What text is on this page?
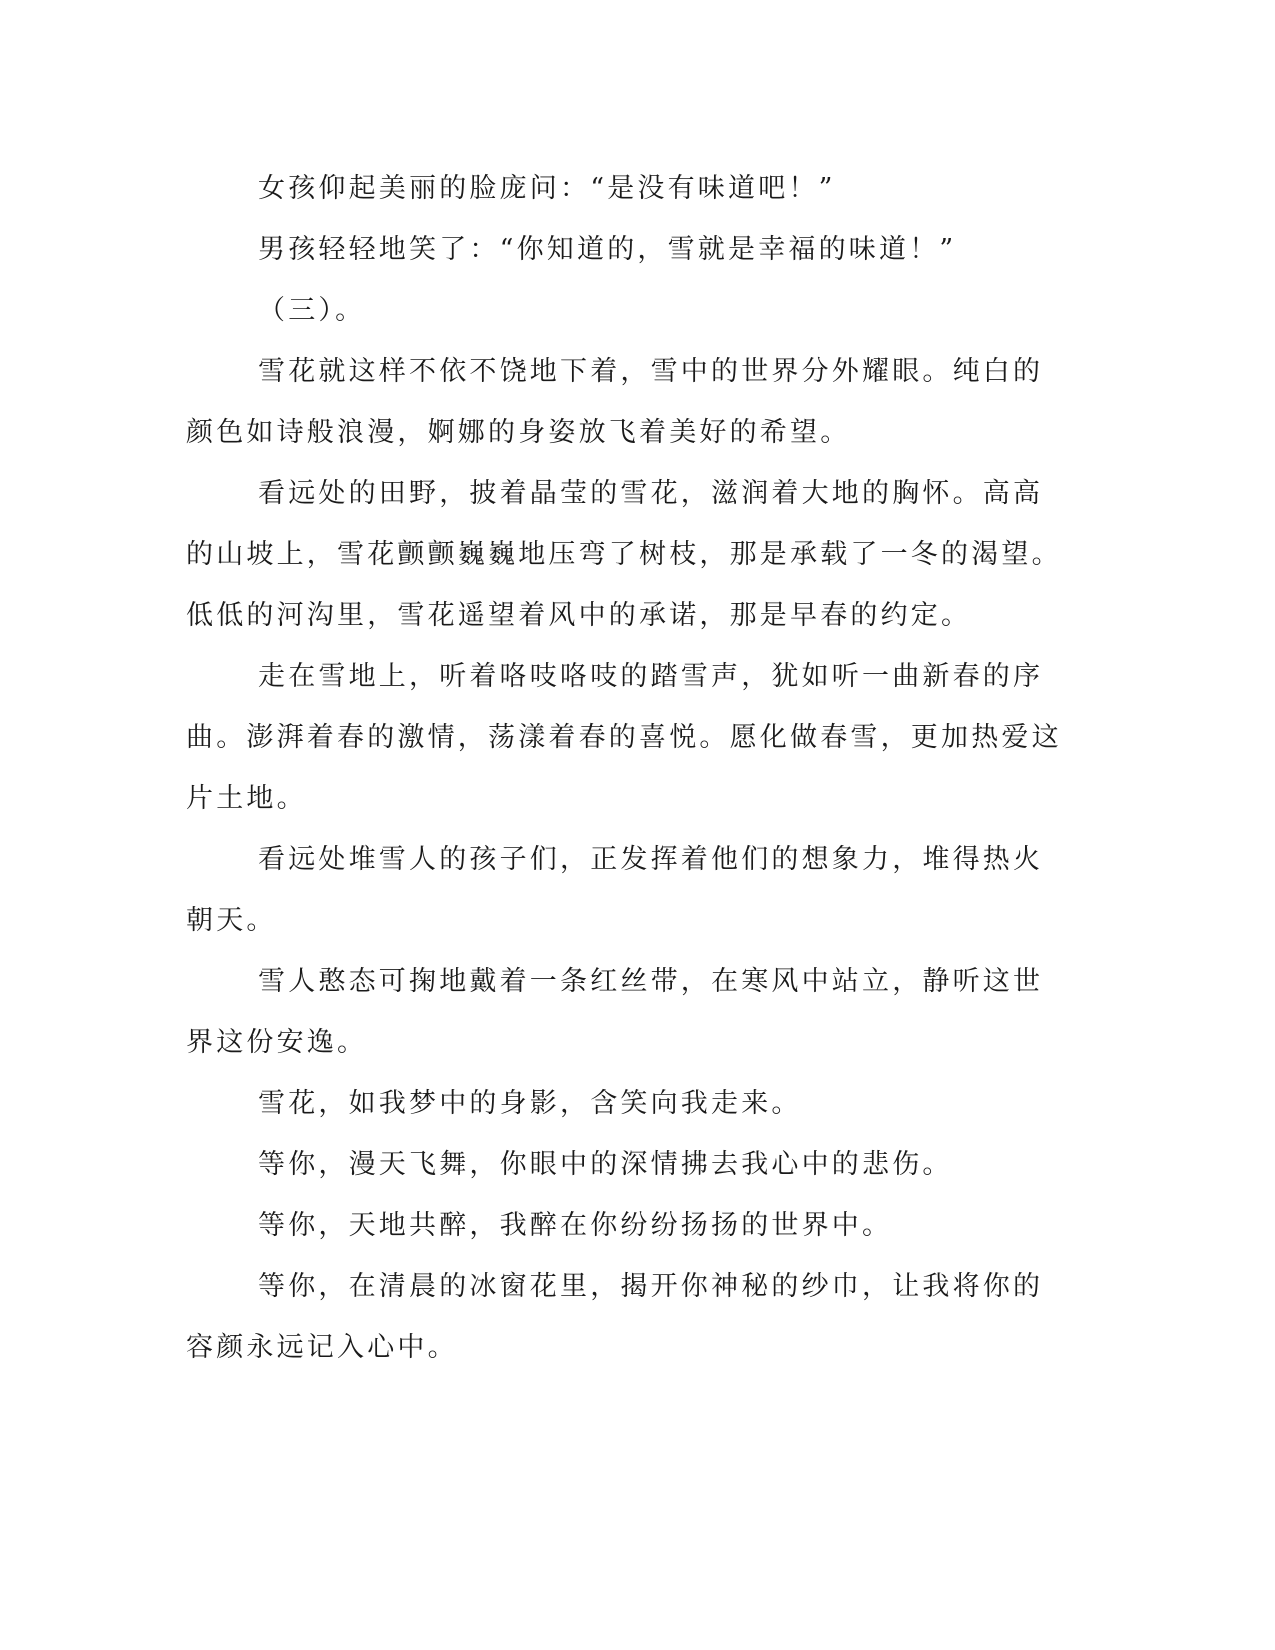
女孩仰起美丽的脸庞问：“是没有味道吧！”

男孩轻轻地笑了：“你知道的，雪就是幸福的味道！”

（三）。

雪花就这样不依不饶地下着，雪中的世界分外耀眼。纯白的颜色如诗般浪漫，婀娜的身姿放飞着美好的希望。

看远处的田野，披着晶莹的雪花，滋润着大地的胸怀。高高的山坡上，雪花颤颤巍巍地压弯了树枝，那是承载了一冬的渴望。低低的河沟里，雪花遥望着风中的承诺，那是早春的约定。

走在雪地上，听着咯吱咯吱的踏雪声，犹如听一曲新春的序曲。澎湃着春的激情，荡漾着春的喜悦。愿化做春雪，更加热爱这片土地。

看远处堆雪人的孩子们，正发挥着他们的想象力，堆得热火朝天。

雪人憨态可掬地戴着一条红丝带，在寒风中站立，静听这世界这份安逸。

雪花，如我梦中的身影，含笑向我走来。

等你，漫天飞舞，你眼中的深情拂去我心中的悲伤。

等你，天地共醉，我醉在你纷纷扬扬的世界中。

等你，在清晨的冰窗花里，揭开你神秘的纱巾，让我将你的容颜永远记入心中。
